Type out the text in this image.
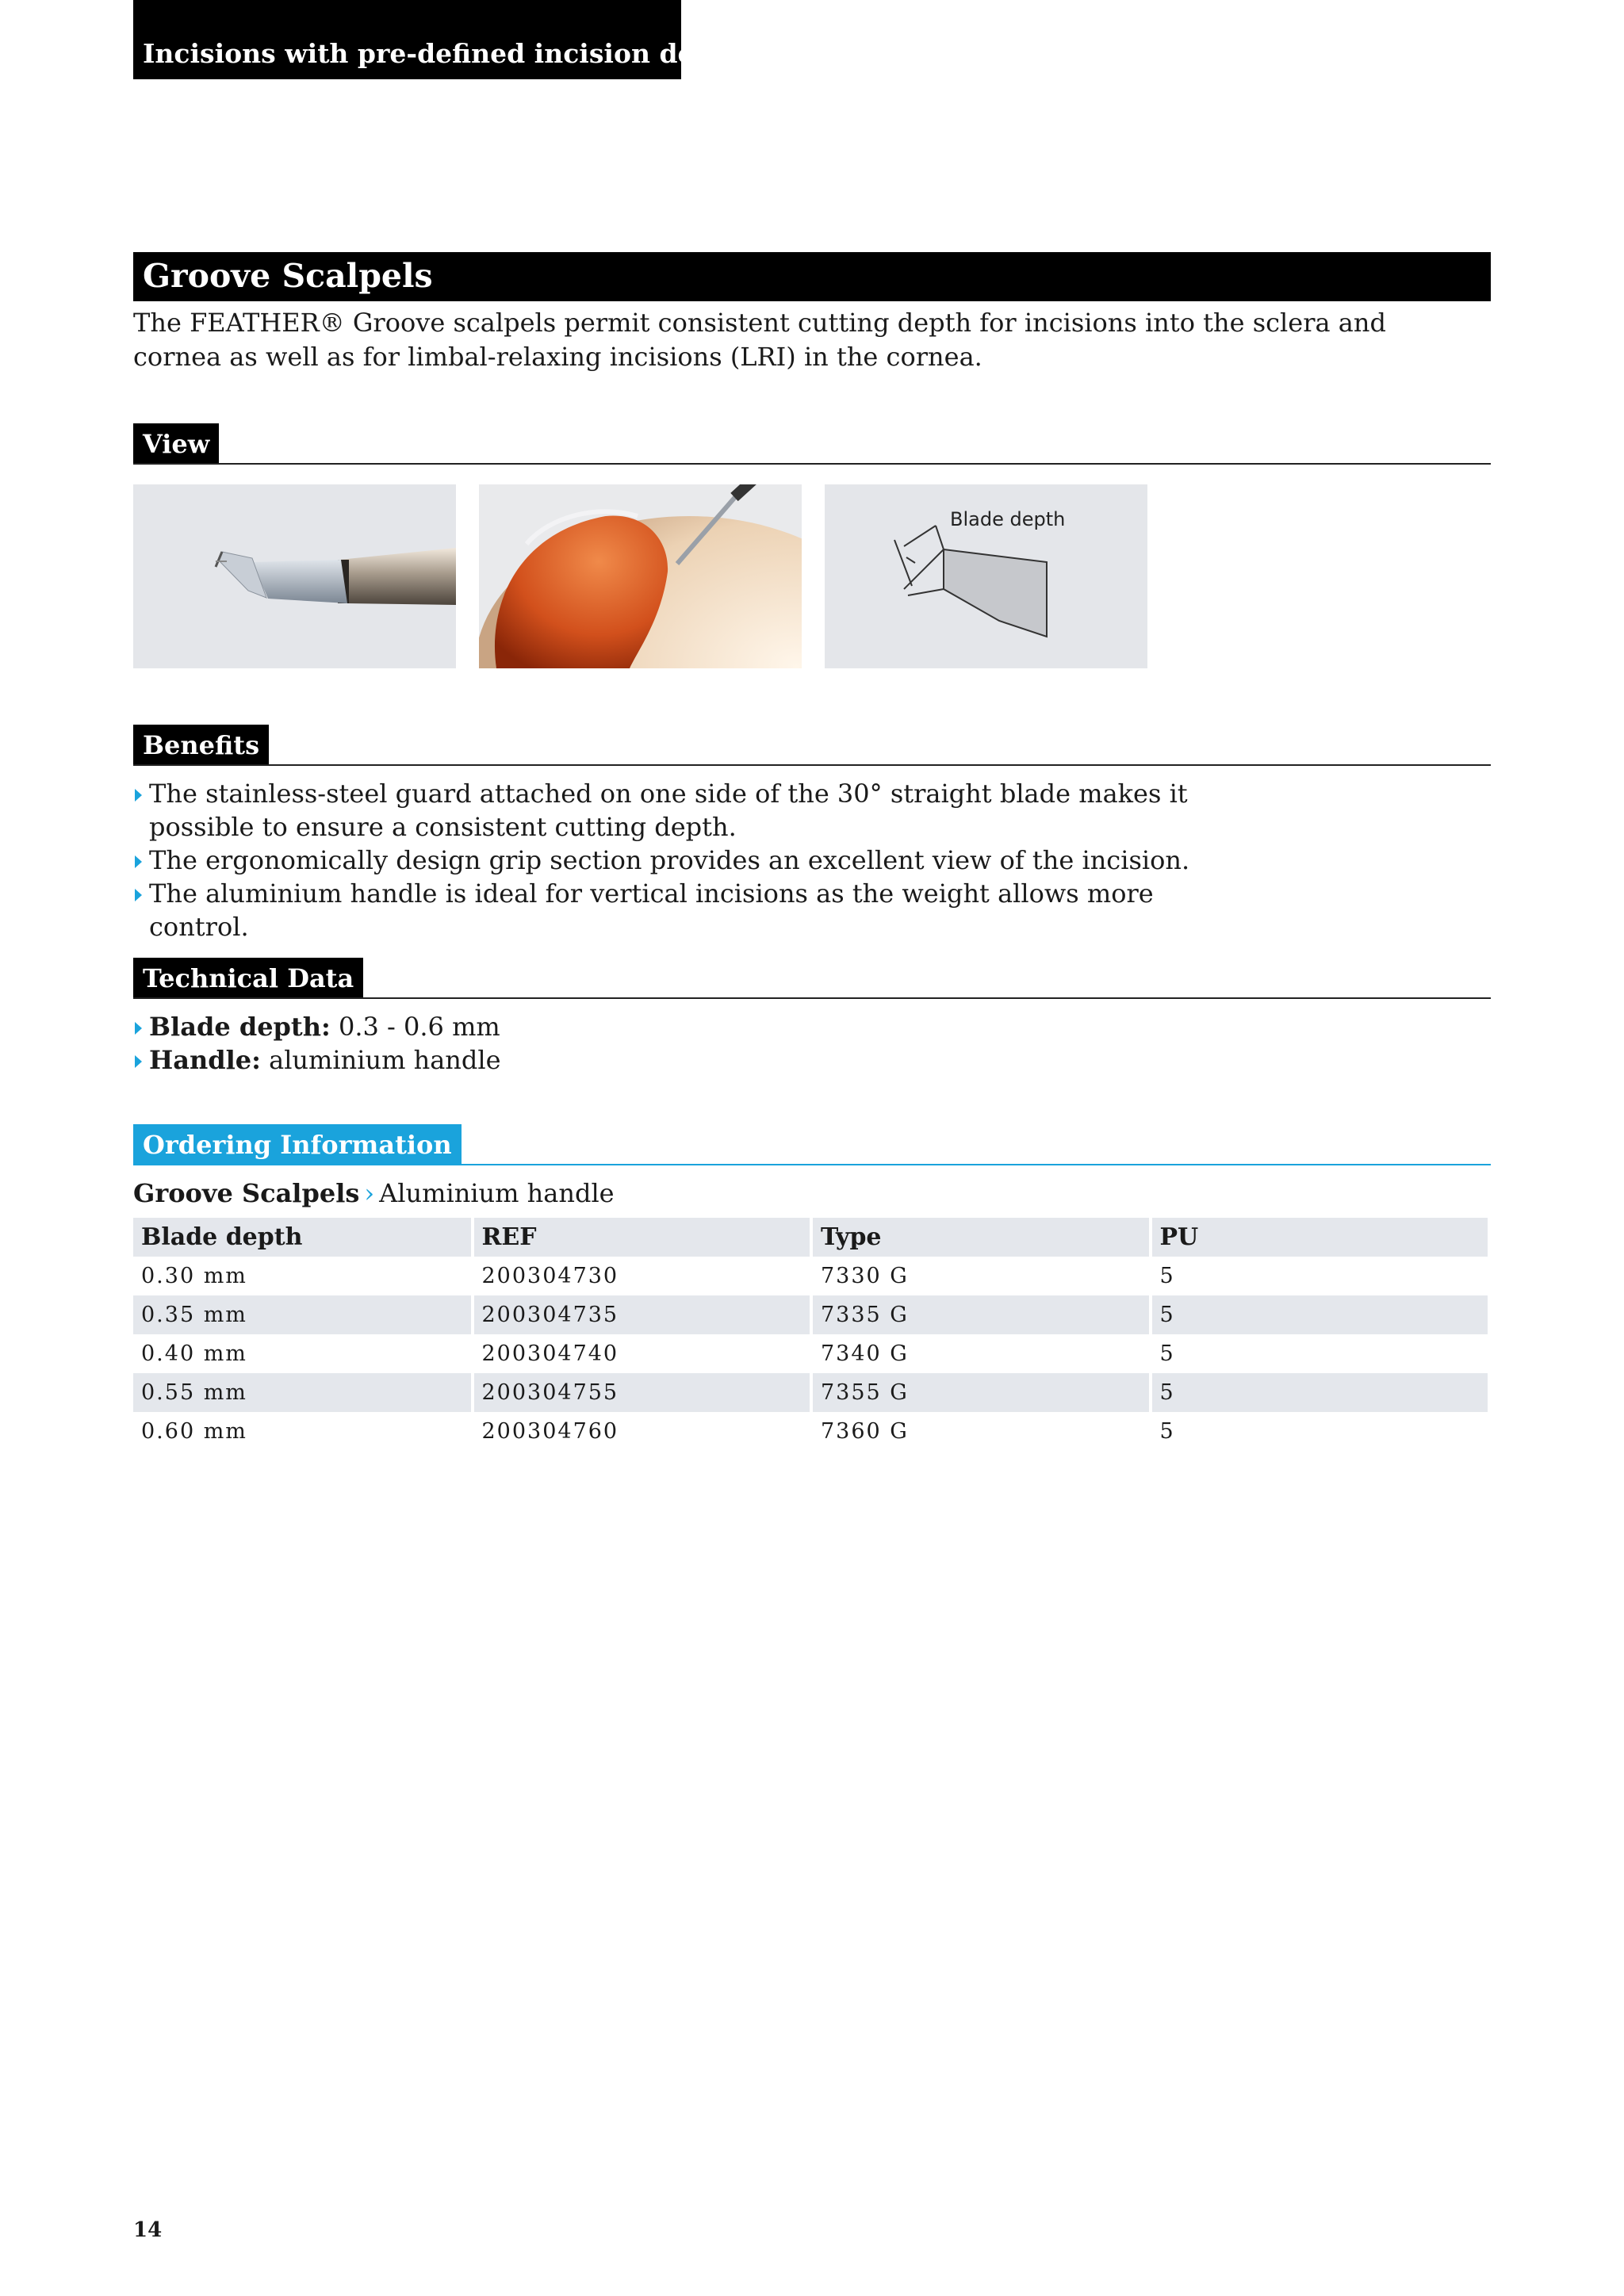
Incisions with pre-defined incision depth
Groove Scalpels

The FEATHER® Groove scalpels permit consistent cutting depth for incisions into the sclera and cornea as well as for limbal-relaxing incisions (LRI) in the cornea.

View
Blade depth
Benefits
The stainless-steel guard attached on one side of the 30° straight blade makes it possible to ensure a consistent cutting depth.
The ergonomically design grip section provides an excellent view of the incision.
The aluminium handle is ideal for vertical incisions as the weight allows more control.
Technical Data
Blade depth: 0.3 - 0.6 mm
Handle: aluminium handle
Ordering Information
Groove Scalpels › Aluminium handle
Blade depth	REF	Type	PU
0.30 mm	200304730	7330 G	5
0.35 mm	200304735	7335 G	5
0.40 mm	200304740	7340 G	5
0.55 mm	200304755	7355 G	5
0.60 mm	200304760	7360 G	5
14
